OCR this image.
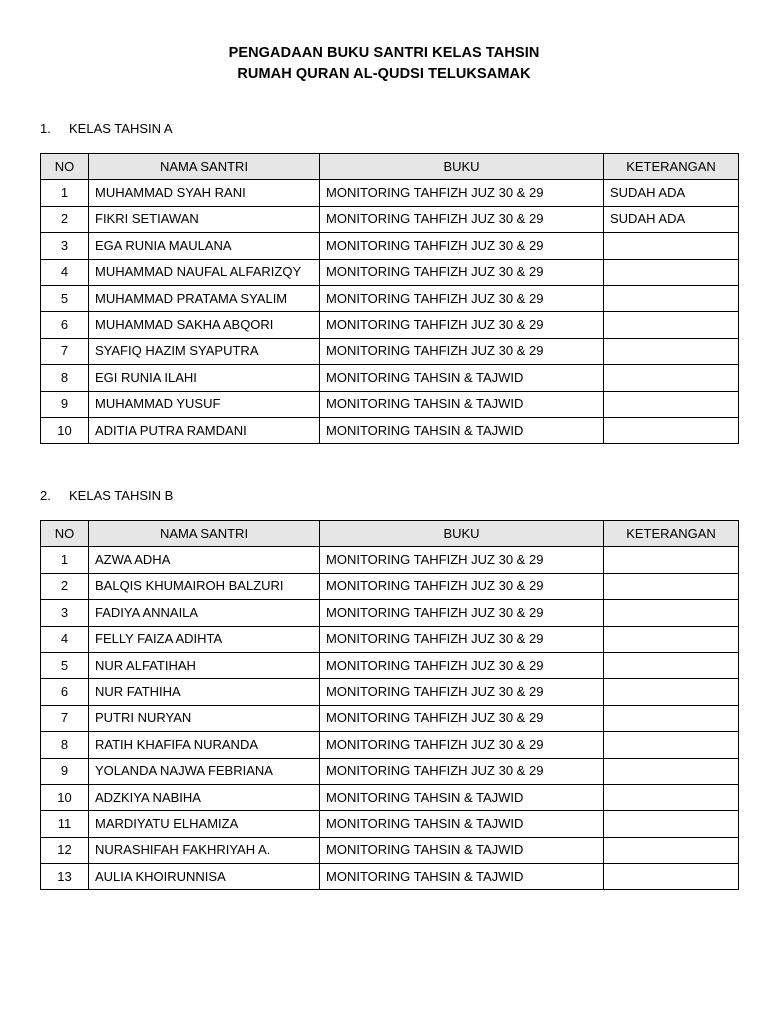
PENGADAAN BUKU SANTRI KELAS TAHSIN
RUMAH QURAN AL-QUDSI TELUKSAMAK
1. KELAS TAHSIN A
NO	NAMA SANTRI	BUKU	KETERANGAN
1	MUHAMMAD SYAH RANI	MONITORING TAHFIZH JUZ 30 & 29	SUDAH ADA
2	FIKRI SETIAWAN	MONITORING TAHFIZH JUZ 30 & 29	SUDAH ADA
3	EGA RUNIA MAULANA	MONITORING TAHFIZH JUZ 30 & 29	
4	MUHAMMAD NAUFAL ALFARIZQY	MONITORING TAHFIZH JUZ 30 & 29	
5	MUHAMMAD PRATAMA SYALIM	MONITORING TAHFIZH JUZ 30 & 29	
6	MUHAMMAD SAKHA ABQORI	MONITORING TAHFIZH JUZ 30 & 29	
7	SYAFIQ HAZIM SYAPUTRA	MONITORING TAHFIZH JUZ 30 & 29	
8	EGI RUNIA ILAHI	MONITORING TAHSIN & TAJWID	
9	MUHAMMAD YUSUF	MONITORING TAHSIN & TAJWID	
10	ADITIA PUTRA RAMDANI	MONITORING TAHSIN & TAJWID	
2. KELAS TAHSIN B
NO	NAMA SANTRI	BUKU	KETERANGAN
1	AZWA ADHA	MONITORING TAHFIZH JUZ 30 & 29	
2	BALQIS KHUMAIROH BALZURI	MONITORING TAHFIZH JUZ 30 & 29	
3	FADIYA ANNAILA	MONITORING TAHFIZH JUZ 30 & 29	
4	FELLY FAIZA ADIHTA	MONITORING TAHFIZH JUZ 30 & 29	
5	NUR ALFATIHAH	MONITORING TAHFIZH JUZ 30 & 29	
6	NUR FATHIHA	MONITORING TAHFIZH JUZ 30 & 29	
7	PUTRI NURYAN	MONITORING TAHFIZH JUZ 30 & 29	
8	RATIH KHAFIFA NURANDA	MONITORING TAHFIZH JUZ 30 & 29	
9	YOLANDA NAJWA FEBRIANA	MONITORING TAHFIZH JUZ 30 & 29	
10	ADZKIYA NABIHA	MONITORING TAHSIN & TAJWID	
11	MARDIYATU ELHAMIZA	MONITORING TAHSIN & TAJWID	
12	NURASHIFAH FAKHRIYAH A.	MONITORING TAHSIN & TAJWID	
13	AULIA KHOIRUNNISA	MONITORING TAHSIN & TAJWID	
